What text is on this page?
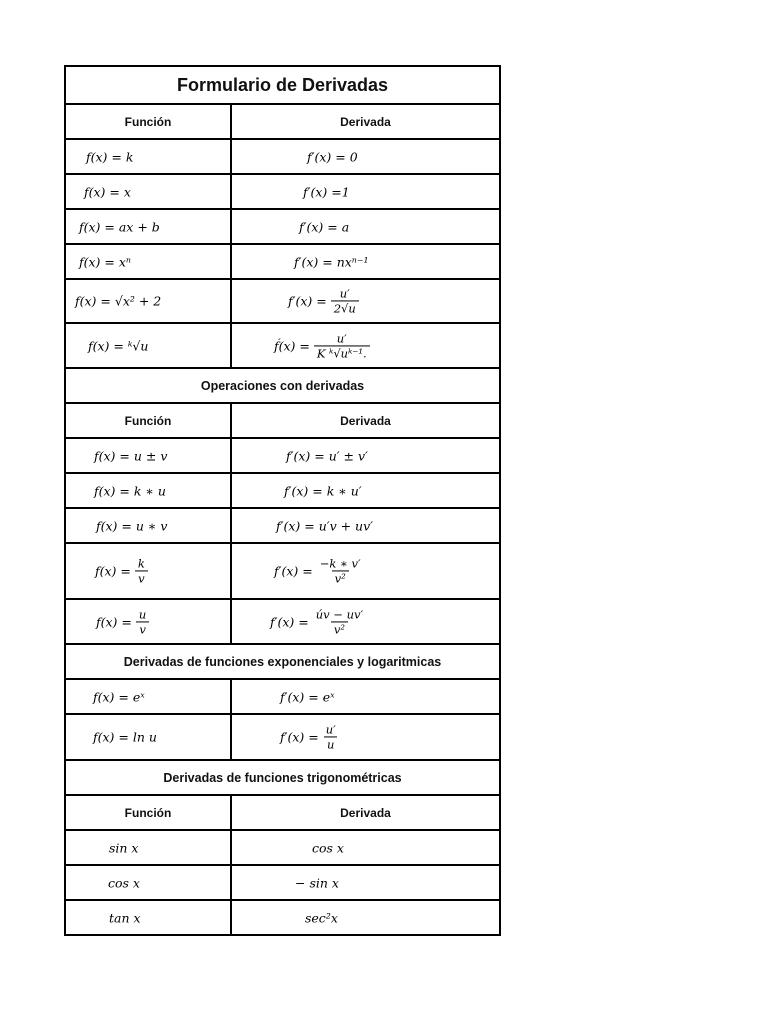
Formulario de Derivadas
Función	Derivada
f(x) = k	f′(x) = 0
f(x) = x	f′(x) =1
f(x) = ax + b	f′(x) = a
f(x) = xⁿ	f′(x) = nxⁿ⁻¹
f(x) = √x² + 2	$f'(x) = \frac{u'}{2√u}$
f(x) = ᵏ√u	f́(x) = $\frac{u'}{\text{K ᵏ√uᵏ⁻¹.}}$
Operaciones con derivadas
Función	Derivada
f(x) = u ± v	f′(x) = u′ ± v′
f(x) = k ∗ u	f′(x) = k ∗ u′
f(x) = u ∗ v	f′(x) = u′v + uv′
$f(x) = \frac{k}{v}$	$f'(x) = \frac{-k ∗ v'}{\text{v²}}$
$f(x) = \frac{u}{v}$	$f'(x) = \frac{úv - uv'}{\text{v²}}$
Derivadas de funciones exponenciales y logaritmicas
f(x) = eˣ	f′(x) = eˣ
f(x) = ln u	$f'(x) = \frac{u'}{u}$
Derivadas de funciones trigonométricas
Función	Derivada
sin x	cos x
cos x	− sin x
tan x	sec²x
